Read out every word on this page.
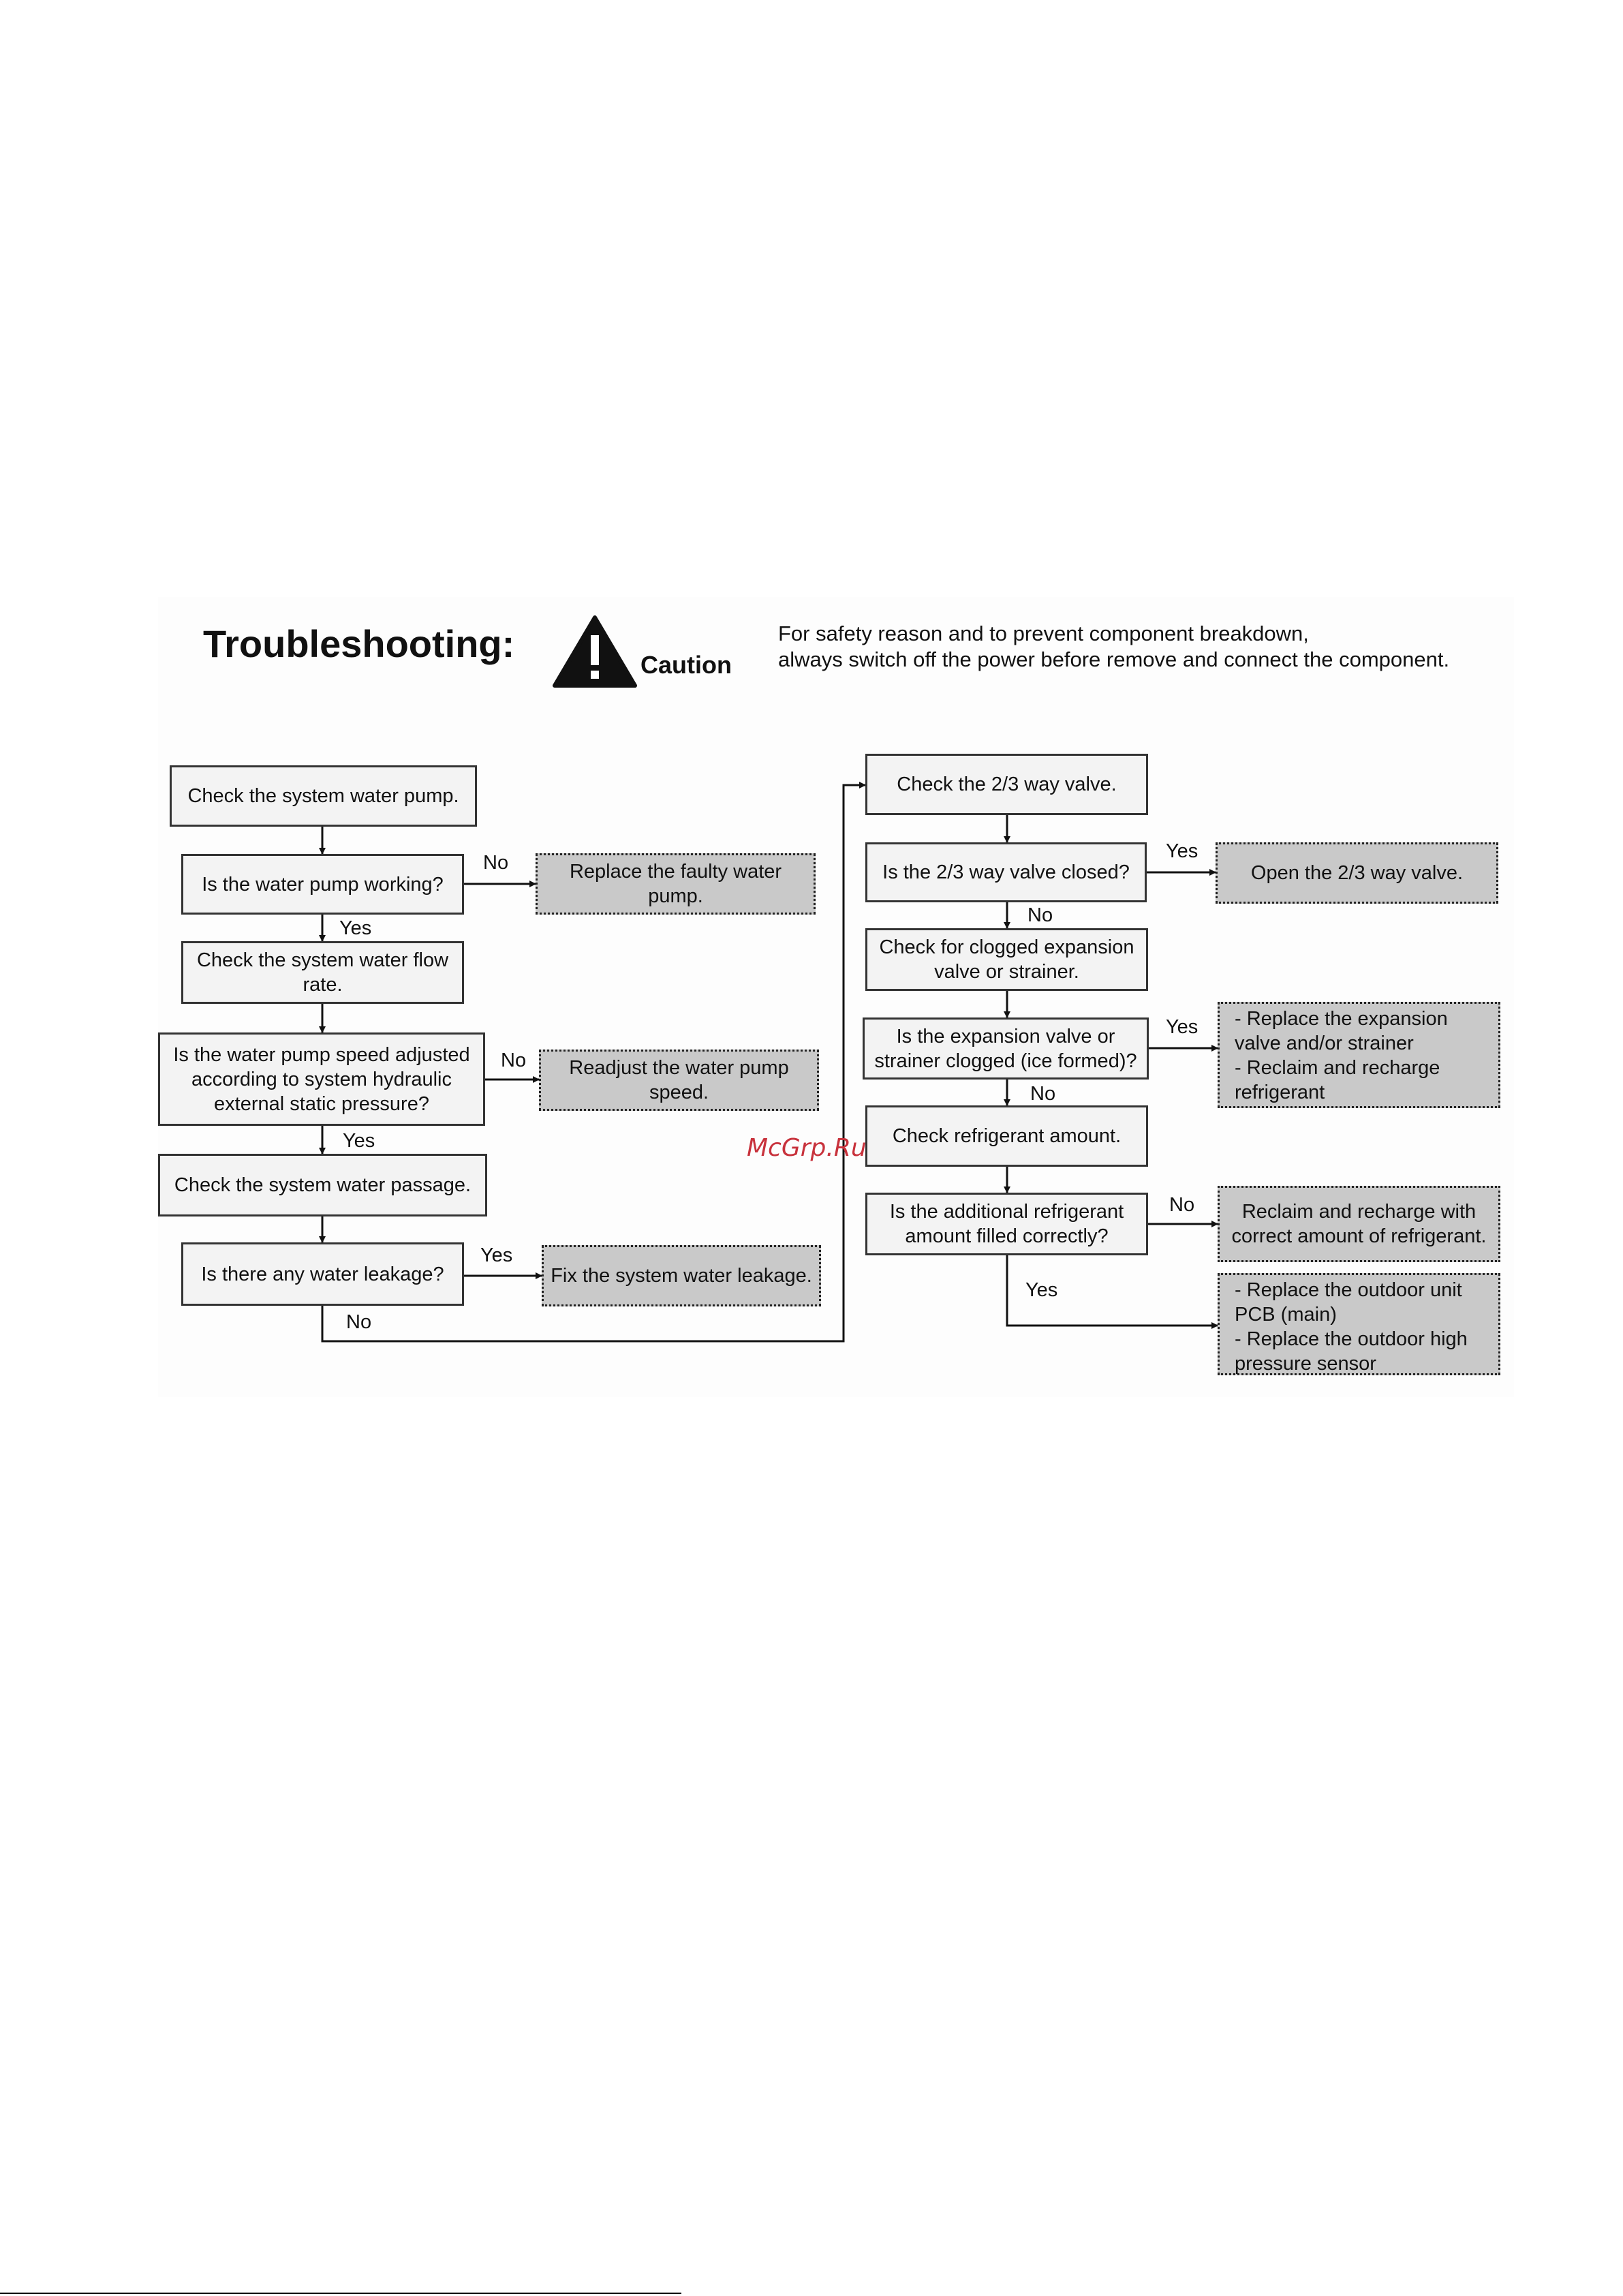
Troubleshooting:	Caution
For safety reason and to prevent component breakdown,
always switch off the power before remove and connect the component.
Check the system water pump.
Is the water pump working?
Replace the faulty water pump.
Check the system water flow rate.
Is the water pump speed adjusted according to system hydraulic external static pressure?
Readjust the water pump speed.
Check the system water passage.
Is there any water leakage?	Fix the system water leakage.
Check the 2/3 way valve.
Is the 2/3 way valve closed?	Open the 2/3 way valve.
Check for clogged expansion valve or strainer.
Is the expansion valve or strainer clogged (ice formed)?
- Replace the expansion valve and/or strainer
- Reclaim and recharge refrigerant
Check refrigerant amount.
Is the additional refrigerant amount filled correctly?
Reclaim and recharge with correct amount of refrigerant.
- Replace the outdoor unit PCB (main)
- Replace the outdoor high pressure sensor
No
Yes
No
Yes
Yes
No
Yes
No
Yes
No
No
Yes
McGrp.Ru
